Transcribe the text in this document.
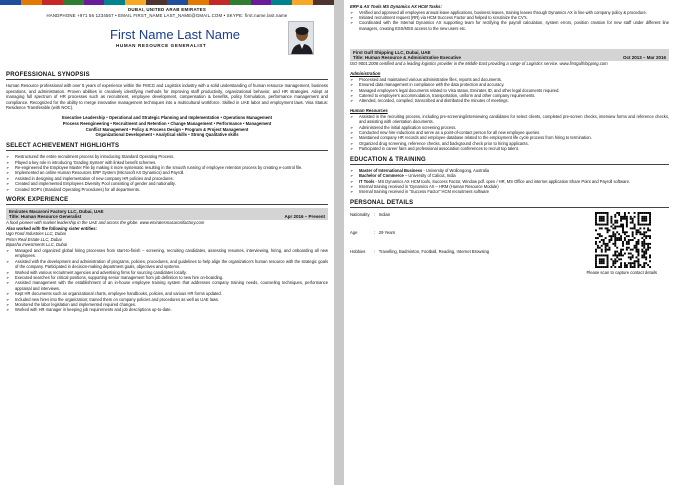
DUBAI, UNITED ARAB EMIRATES
HANDPHONE +971 56 1234567 • EMAIL FIRST_NAME LAST_NAME@GMAIL.COM • SKYPE: first.name.last.name
First Name Last Name
HUMAN RESOURCE GENERALIST
PROFESSIONAL SYNOPSIS

Human Resource professional with over 5 years of experience within the FMCG and Logistics industry with a solid understanding of human resource management, business operations, and administration. Proven abilities in creatively identifying methods for improving staff productivity, organizational behavior, and HR strategies. Adept at managing full spectrum of HR processes such as recruitment, employee development, compensation & benefits, policy formulation, performance management and compliance. Recognized for the ability to merge innovative management techniques into a multicultural workforce. Skilled in UAE labor and employment laws. Visa Status: Residence Transferable (with NOC).

Executive Leadership • Operational and Strategic Planning and Implementation • Operations Management
Process Reengineering • Recruitment and Retention • Change Management • Performance • Management
Conflict Management • Policy & Process Design • Program & Project Management
Organizational Development • Analytical skills • Strong Qualitative skills
SELECT ACHIEVEMENT HIGHLIGHTS
➢ Restructured the entire recruitment process by introducing Standard Operating Process.
➢ Played a key role in introducing 'Grading System' with linked benefit schemes.
➢ Re-engineered the Employee Master File by making it more systematic resulting in the smooth running of employee retention process by creating e-control file.
➢ Implemented an online Human Resources ERP System (Microsoft AX Dynamics) and Payroll.
➢ Assisted in designing and implementation of new company HR policies and procedures.
➢ Created and implemented Employees Diversity Pool consisting of gender and nationality.
➢ Created SOP's (Standard Operating Procedures) for all departments.
WORK EXPERIENCE
Emirates Macaroni Factory LLC, Dubai, UAE
Title: Human Resource Generalist	Apr 2016 – Present
A food pioneer with market leadership in the UAE and across the globe. www.emiratesmacaronifactory.com
Also worked with the following sister entities:
Ugo Food Industries LLC, Dubai
Prism Real Estate LLC, Dubai
Bipasha Investments LLC, Dubai
➢ Managed and organized global hiring processes from start-to-finish – screening, recruiting candidates, assessing resumes, interviewing, hiring, and onboarding all new employees.
➢ Assisted with the development and administration of programs, policies, procedures, and guidelines to help align the organization's human resource with the strategic goals of the company. Participated in decision-making department goals, objectives and systems.
➢ Worked with various recruitment agencies and advertising firms for sourcing candidates locally.
➢ Executed searches for critical positions, supporting senior management from job definition to new hire on-boarding.
➢ Assisted management with the establishment of an in-house employee training system that addresses company training needs, counseling techniques, performance appraisal and interviews.
➢ Kept HR documents such as organizational charts, employee handbooks, policies, and various HR forms updated.
➢ Included new hires into the organization; trained them on company policies and procedures as well as UAE laws.
➢ Monitored the labor legislation and implemented required changes.
➢ Worked with HR manager in keeping job requirements and job descriptions up-to-date.
ERP & AX Tools MS Dynamics AX HCM Tasks:
➢ Verified and approved all employees annual leave applications, business leaves, training leaves through Dynamics AX in line with company policy & procedure.
➢ Initiated recruitment request (RR) via HCM Success Factor and helped to scrutinize the CV's.
➢ Coordinated with the Internal Dynamics AX supporting team for rectifying the payroll calculation, system errors, position creation for new staff under different line managers, creating ESS/MSS access to the new users etc.
First Gulf Shipping LLC, Dubai, UAE
Title: Human Resource & Administrative Executive	Oct 2013 – Mar 2016
ISO 9001:2008 certified and a leading logistics provider in the Middle East providing a range of Logistics service. www.firstgulfshipping.com
Administration
➢ Processed and maintained various administrative files, reports and documents.
➢ Ensured data management in compliance with the data protection and accuracy.
➢ Managed employee's legal documents related to Visa status, Emirates ID, and other legal documents required.
➢ Catered to employee's accommodation, transportation, uniform and other company requirements.
➢ Attended, recorded, compiled, transcribed and distributed the minutes of meetings.
Human Resources
➢ Assisted in the recruiting process, including pre-screening/interviewing candidates for select clients, completed pre-screen checks, interview forms and reference checks, and assisting with orientation documents.
➢ Administered the initial application screening process.
➢ Conducted new hire inductions and serve as a point-of-contact person for all new employee queries.
➢ Maintained company HR records and employee database related to the employment life cycle process from hiring to termination.
➢ Organized drug screening, reference checks, and background check prior to hiring applicants.
➢ Participated in career fairs and professional association conferences to recruit top talent.
EDUCATION & TRAINING
➢ Master of International Business - University of Wollongong, Australia
➢ Bachelor of Commerce – University of Calicut, India
➢ IT Tools - MS Dynamics AX HCM tools, Success Factor, Window pdf. open / HR, MS Office and internet application Share Point and Payroll software.
➢ Internal training received in 'Dynamics AX – HRM (Human Resource Module)
➢ Internal training received in "Success Factor" HCM recruitment software
PERSONAL DETAILS
Nationality	:	Indian
Age	:	29 Years
Hobbies	:	Travelling, Badminton, Football, Reading, Internet Browsing
Please scan to capture contact details
